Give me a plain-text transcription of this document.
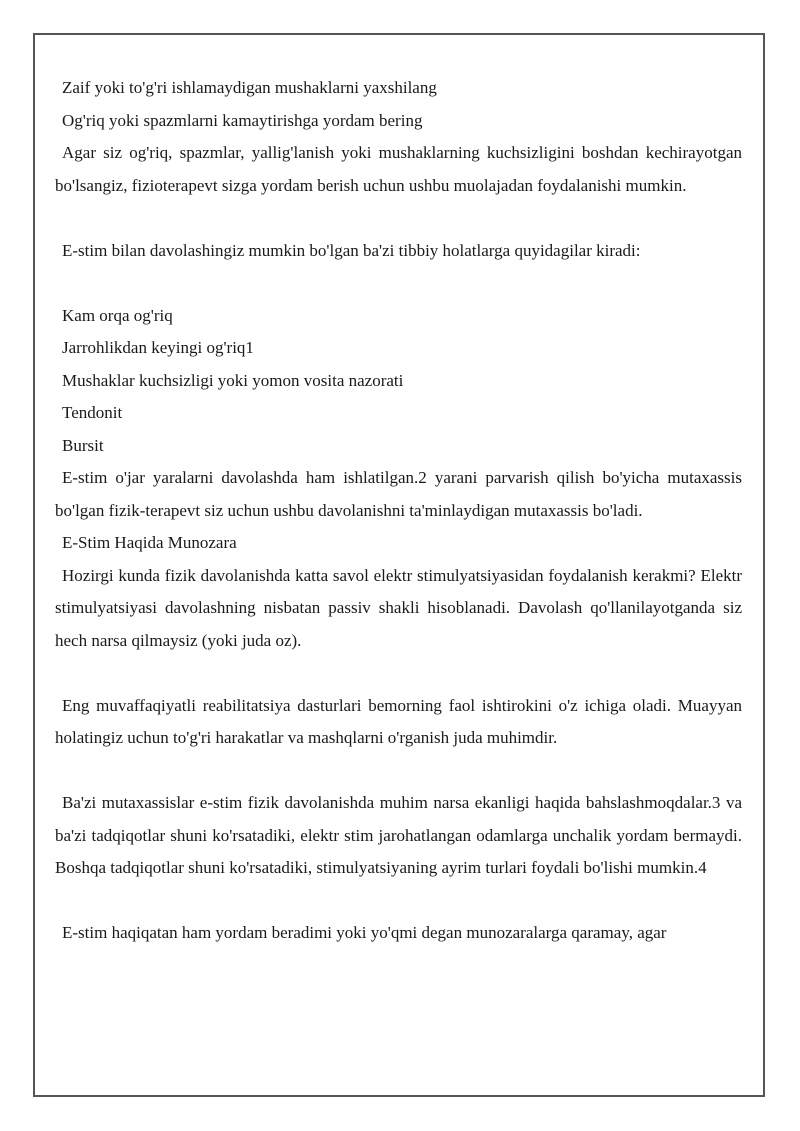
Zaif yoki to'g'ri ishlamaydigan mushaklarni yaxshilang
Og'riq yoki spazmlarni kamaytirishga yordam bering

Agar siz og'riq, spazmlar, yallig'lanish yoki mushaklarning kuchsizligini boshdan kechirayotgan bo'lsangiz, fizioterapevt sizga yordam berish uchun ushbu muolajadan foydalanishi mumkin.

E-stim bilan davolashingiz mumkin bo'lgan ba'zi tibbiy holatlarga quyidagilar kiradi:
Kam orqa og'riq
Jarrohlikdan keyingi og'riq1
Mushaklar kuchsizligi yoki yomon vosita nazorati
Tendonit
Bursit

E-stim o'jar yaralarni davolashda ham ishlatilgan.2 yarani parvarish qilish bo'yicha mutaxassis bo'lgan fizik-terapevt siz uchun ushbu davolanishni ta'minlaydigan mutaxassis bo'ladi.

E-Stim Haqida Munozara

Hozirgi kunda fizik davolanishda katta savol elektr stimulyatsiyasidan foydalanish kerakmi? Elektr stimulyatsiyasi davolashning nisbatan passiv shakli hisoblanadi. Davolash qo'llanilayotganda siz hech narsa qilmaysiz (yoki juda oz).

Eng muvaffaqiyatli reabilitatsiya dasturlari bemorning faol ishtirokini o'z ichiga oladi. Muayyan holatingiz uchun to'g'ri harakatlar va mashqlarni o'rganish juda muhimdir.

Ba'zi mutaxassislar e-stim fizik davolanishda muhim narsa ekanligi haqida bahslashmoqdalar.3 va ba'zi tadqiqotlar shuni ko'rsatadiki, elektr stim jarohatlangan odamlarga unchalik yordam bermaydi. Boshqa tadqiqotlar shuni ko'rsatadiki, stimulyatsiyaning ayrim turlari foydali bo'lishi mumkin.4

E-stim haqiqatan ham yordam beradimi yoki yo'qmi degan munozaralarga qaramay, agar
